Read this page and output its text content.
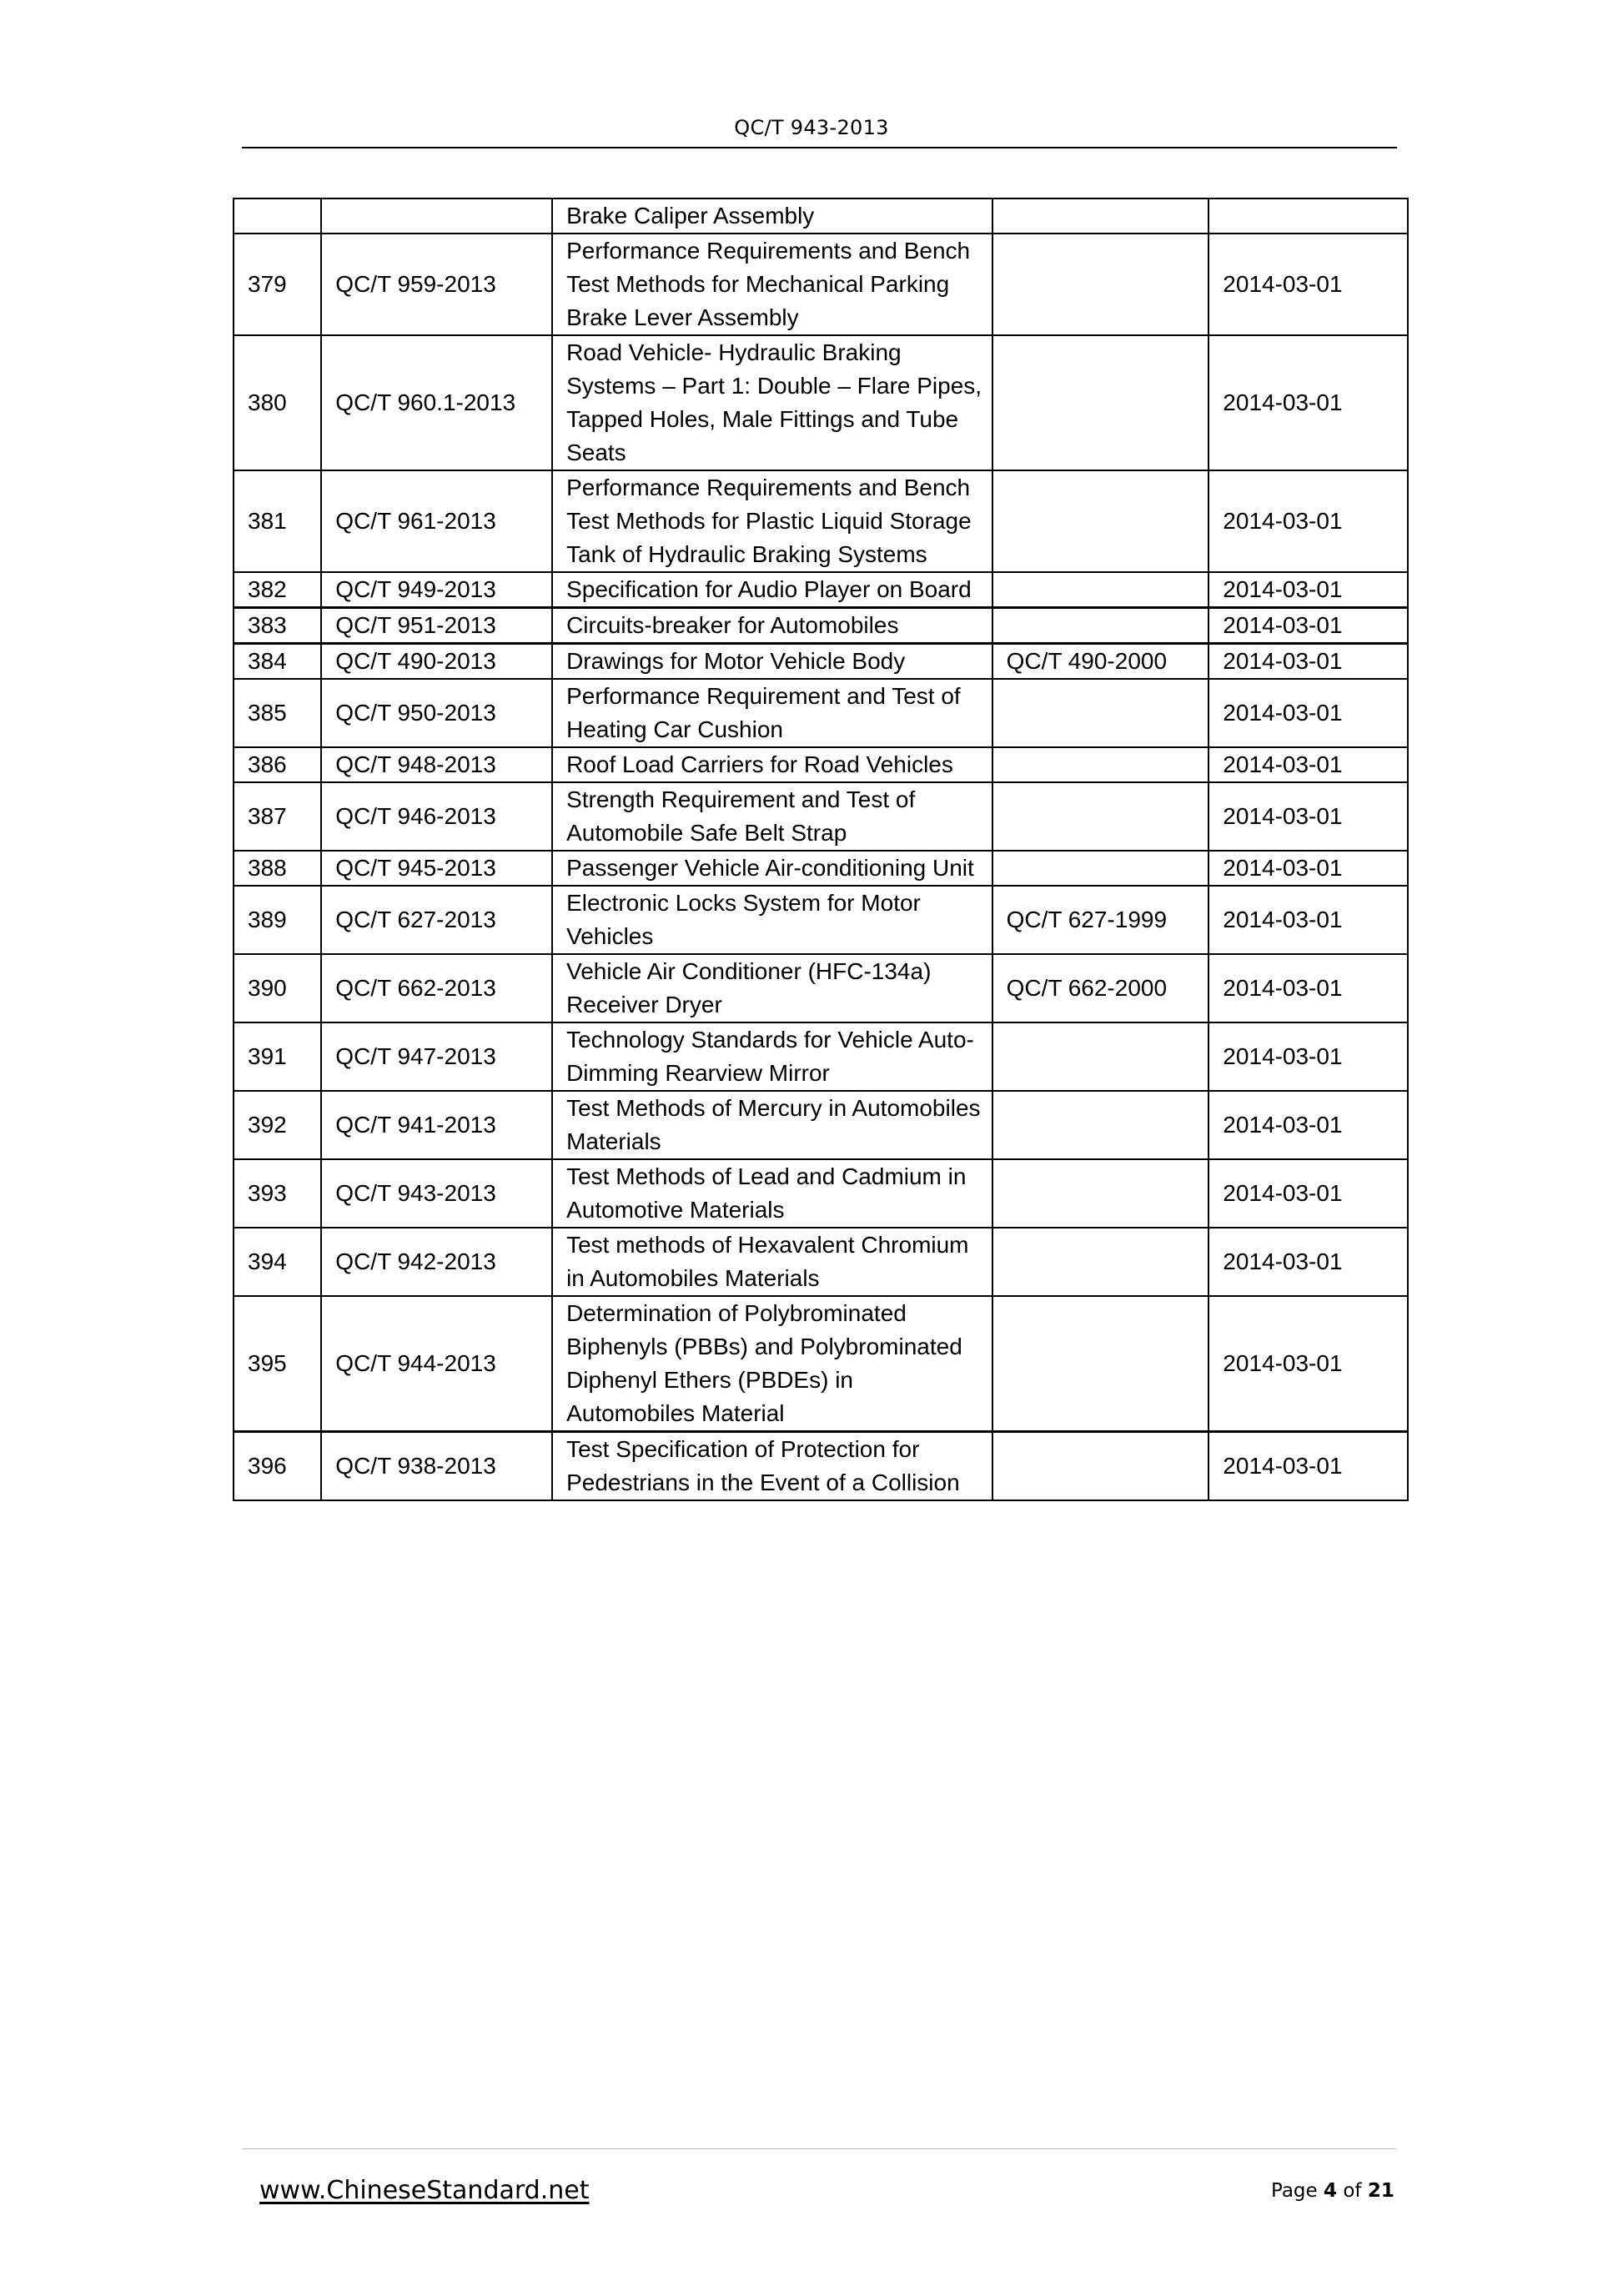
QC/T 943-2013
		Brake Caliper Assembly		
379	QC/T 959-2013	Performance Requirements and Bench Test Methods for Mechanical Parking Brake Lever Assembly		2014-03-01
380	QC/T 960.1-2013	Road Vehicle- Hydraulic Braking Systems – Part 1: Double – Flare Pipes, Tapped Holes, Male Fittings and Tube Seats		2014-03-01
381	QC/T 961-2013	Performance Requirements and Bench Test Methods for Plastic Liquid Storage Tank of Hydraulic Braking Systems		2014-03-01
382	QC/T 949-2013	Specification for Audio Player on Board		2014-03-01
383	QC/T 951-2013	Circuits-breaker for Automobiles		2014-03-01
384	QC/T 490-2013	Drawings for Motor Vehicle Body	QC/T 490-2000	2014-03-01
385	QC/T 950-2013	Performance Requirement and Test of Heating Car Cushion		2014-03-01
386	QC/T 948-2013	Roof Load Carriers for Road Vehicles		2014-03-01
387	QC/T 946-2013	Strength Requirement and Test of Automobile Safe Belt Strap		2014-03-01
388	QC/T 945-2013	Passenger Vehicle Air-conditioning Unit		2014-03-01
389	QC/T 627-2013	Electronic Locks System for Motor Vehicles	QC/T 627-1999	2014-03-01
390	QC/T 662-2013	Vehicle Air Conditioner (HFC-134a) Receiver Dryer	QC/T 662-2000	2014-03-01
391	QC/T 947-2013	Technology Standards for Vehicle Auto-Dimming Rearview Mirror		2014-03-01
392	QC/T 941-2013	Test Methods of Mercury in Automobiles Materials		2014-03-01
393	QC/T 943-2013	Test Methods of Lead and Cadmium in Automotive Materials		2014-03-01
394	QC/T 942-2013	Test methods of Hexavalent Chromium in Automobiles Materials		2014-03-01
395	QC/T 944-2013	Determination of Polybrominated Biphenyls (PBBs) and Polybrominated Diphenyl Ethers (PBDEs) in Automobiles Material		2014-03-01
396	QC/T 938-2013	Test Specification of Protection for Pedestrians in the Event of a Collision		2014-03-01
www.ChineseStandard.net	Page 4 of 21
